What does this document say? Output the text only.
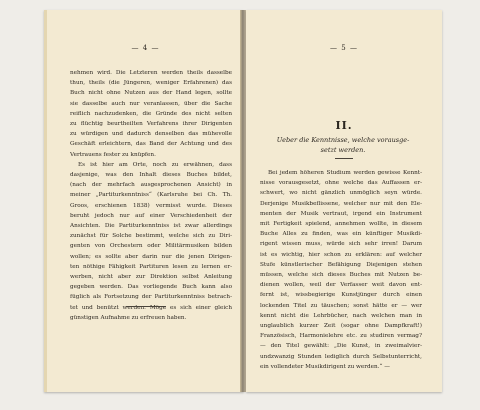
— 4 —
nehmen wird. Die Letzteren werden theils dasselbe
thun, theils (die Jüngeren, weniger Erfahrenen) das
Buch nicht ohne Nutzen aus der Hand legen, sollte
sie dasselbe auch nur veranlassen, über die Sache
reiflich nachzudenken, die Gründe des nicht selten
zu flüchtig beurtheilten Verfahrens ihrer Dirigenten
zu würdigen und dadurch denselben das mühevolle
Geschäft erleichtern, das Band der Achtung und des
Vertrauens fester zu knüpfen.
Es ist hier am Orte, noch zu erwähnen, dass
dasjenige, was den Inhalt dieses Buches bildet,
(nach der mehrfach ausgesprochenen Ansicht) in
meiner „Partiturkenntniss“ (Karlsruhe bei Ch. Th.
Groos, erschienen 1838) vermisst wurde. Dieses
beruht jedoch nur auf einer Verschiedenheit der
Ansichten. Die Partiturkenntniss ist zwar allerdings
zunächst für Solche bestimmt, welche sich zu Diri-
genten von Orchestern oder Militärmusiken bilden
wollen; es sollte aber darin nur die jenen Dirigen-
ten nöthige Fähigkeit Partituren lesen zu lernen er-
werben, nicht aber zur Direktion selbst Anleitung
gegeben werden. Das vorliegende Buch kann also
füglich als Fortsetzung der Partiturkenntniss betrach-
tet und benützt werden. Möge es sich einer gleich
günstigen Aufnahme zu erfreuen haben.
— 5 —
II.
Ueber die Kenntnisse, welche vorausge-
setzt werden.
Bei jedem höheren Studium werden gewisse Kennt-
nisse vorausgesetzt, ohne welche das Auffassen er-
schwert, wo nicht gänzlich unmöglich seyn würde.
Derjenige Musikbeflissene, welcher nur mit den Ele-
menten der Musik vertraut, irgend ein Instrument
mit Fertigkeit spielend, annehmen wollte, in diesem
Buche Alles zu finden, was ein künftiger Musikdi-
rigent wissen muss, würde sich sehr irren! Darum
ist es wichtig, hier schon zu erklären: auf welcher
Stufe künstlerischer Befähigung Diejenigen stehen
müssen, welche sich dieses Buches mit Nutzen be-
dienen wollen, weil der Verfasser weit davon ent-
fernt ist, wissbegierige Kunstjünger durch einen
lockenden Titel zu täuschen; sonst hätte er — wer
kennt nicht die Lehrbücher, nach welchen man in
unglaublich kurzer Zeit (sogar ohne Dampfkraft!)
Französisch, Harmonielehre etc. zu studiren vermag?
— den Titel gewählt: „Die Kunst, in zweimalvier-
undzwanzig Stunden lediglich durch Selbstunterricht,
ein vollendeter Musikdirigent zu werden.“ —
